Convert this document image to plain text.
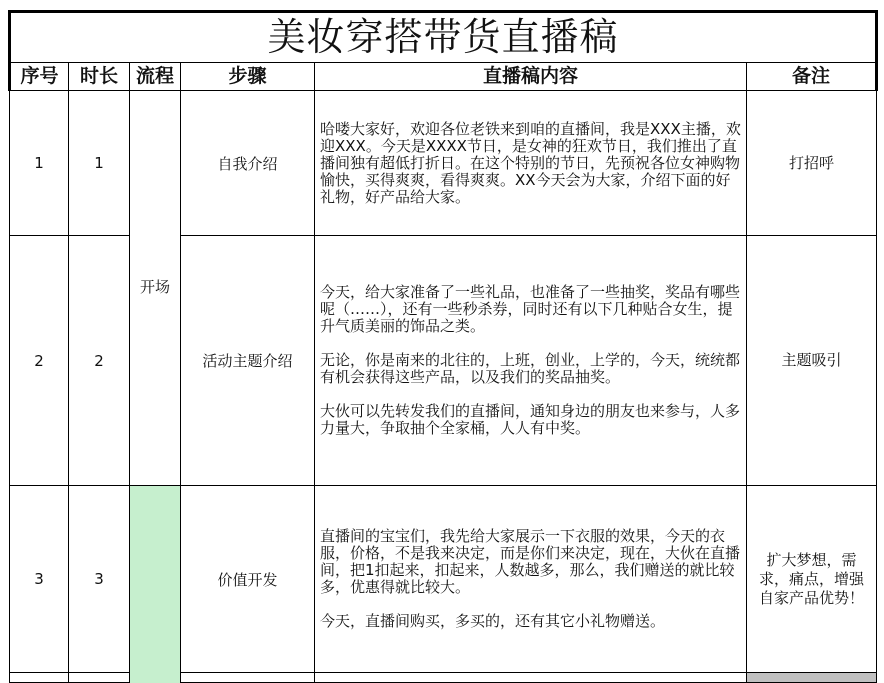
美妆穿搭带货直播稿					
序号	时长	流程	步骤	直播稿内容	备注
1	1	开场	自我介绍	哈喽大家好，欢迎各位老铁来到咱的直播间，我是XXX主播，欢迎XXX。今天是XXXX节日，是女神的狂欢节日，我们推出了直播间独有超低打折日。在这个特别的节日，先预祝各位女神购物愉快，买得爽爽，看得爽爽。XX今天会为大家，介绍下面的好礼物，好产品给大家。	打招呼
2	2		活动主题介绍	今天，给大家准备了一些礼品，也准备了一些抽奖，奖品有哪些呢（……），还有一些秒杀券，同时还有以下几种贴合女生，提升气质美丽的饰品之类。

无论，你是南来的北往的，上班，创业，上学的，今天，统统都有机会获得这些产品，以及我们的奖品抽奖。

大伙可以先转发我们的直播间，通知身边的朋友也来参与，人多力量大，争取抽个全家桶，人人有中奖。	主题吸引
3	3		价值开发	直播间的宝宝们，我先给大家展示一下衣服的效果，今天的衣服，价格，不是我来决定，而是你们来决定，现在，大伙在直播间，把1扣起来，扣起来，人数越多，那么，我们赠送的就比较多，优惠得就比较大。

今天，直播间购买，多买的，还有其它小礼物赠送。	扩大梦想，需求，痛点，增强自家产品优势！
